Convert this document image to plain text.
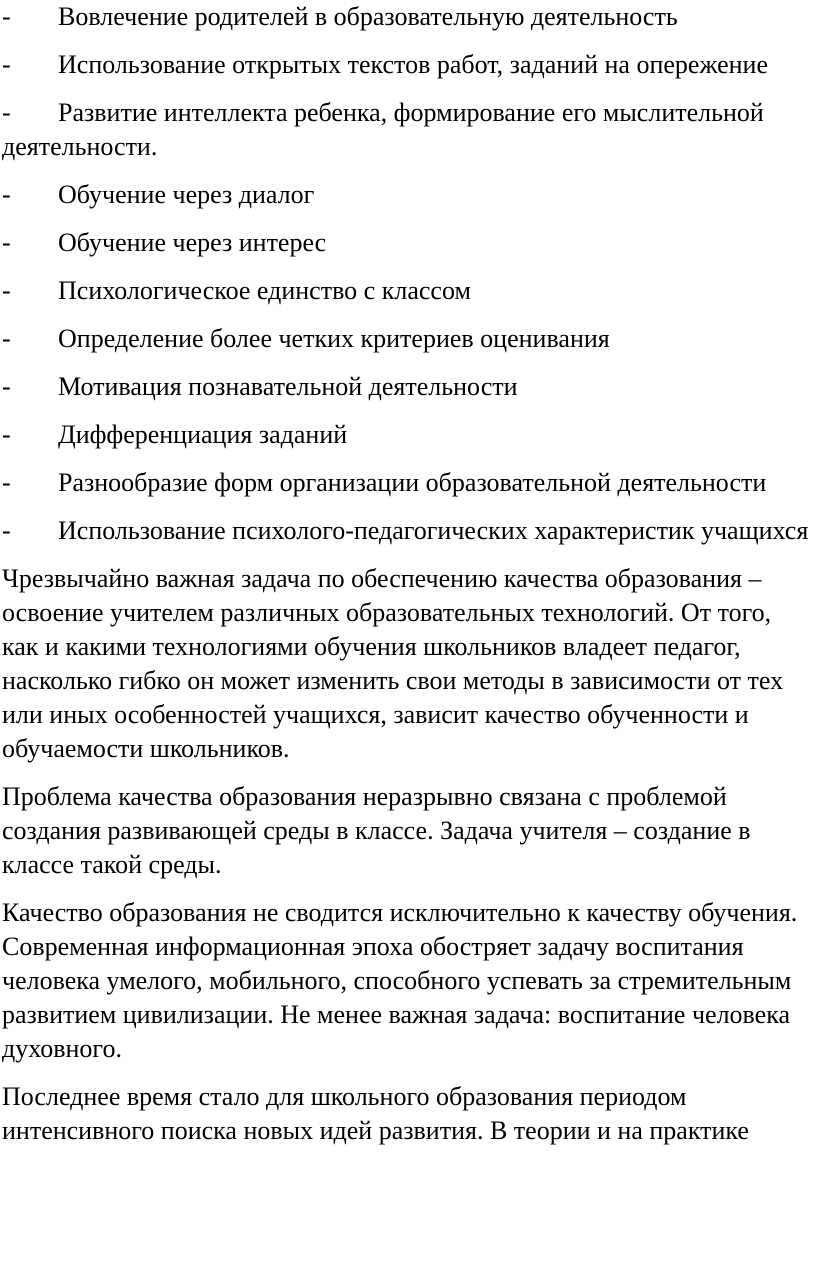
- Вовлечение родителей в образовательную деятельность

- Использование открытых текстов работ, заданий на опережение

- Развитие интеллекта ребенка, формирование его мыслительной деятельности.

- Обучение через диалог

- Обучение через интерес

- Психологическое единство с классом

- Определение более четких критериев оценивания

- Мотивация познавательной деятельности

- Дифференциация заданий

- Разнообразие форм организации образовательной деятельности

- Использование психолого-педагогических характеристик учащихся

Чрезвычайно важная задача по обеспечению качества образования – освоение учителем различных образовательных технологий. От того, как и какими технологиями обучения школьников владеет педагог, насколько гибко он может изменить свои методы в зависимости от тех или иных особенностей учащихся, зависит качество обученности и обучаемости школьников.

Проблема качества образования неразрывно связана с проблемой создания развивающей среды в классе. Задача учителя – создание в классе такой среды.

Качество образования не сводится исключительно к качеству обучения. Современная информационная эпоха обостряет задачу воспитания человека умелого, мобильного, способного успевать за стремительным развитием цивилизации. Не менее важная задача: воспитание человека духовного.

Последнее время стало для школьного образования периодом интенсивного поиска новых идей развития. В теории и на практике
